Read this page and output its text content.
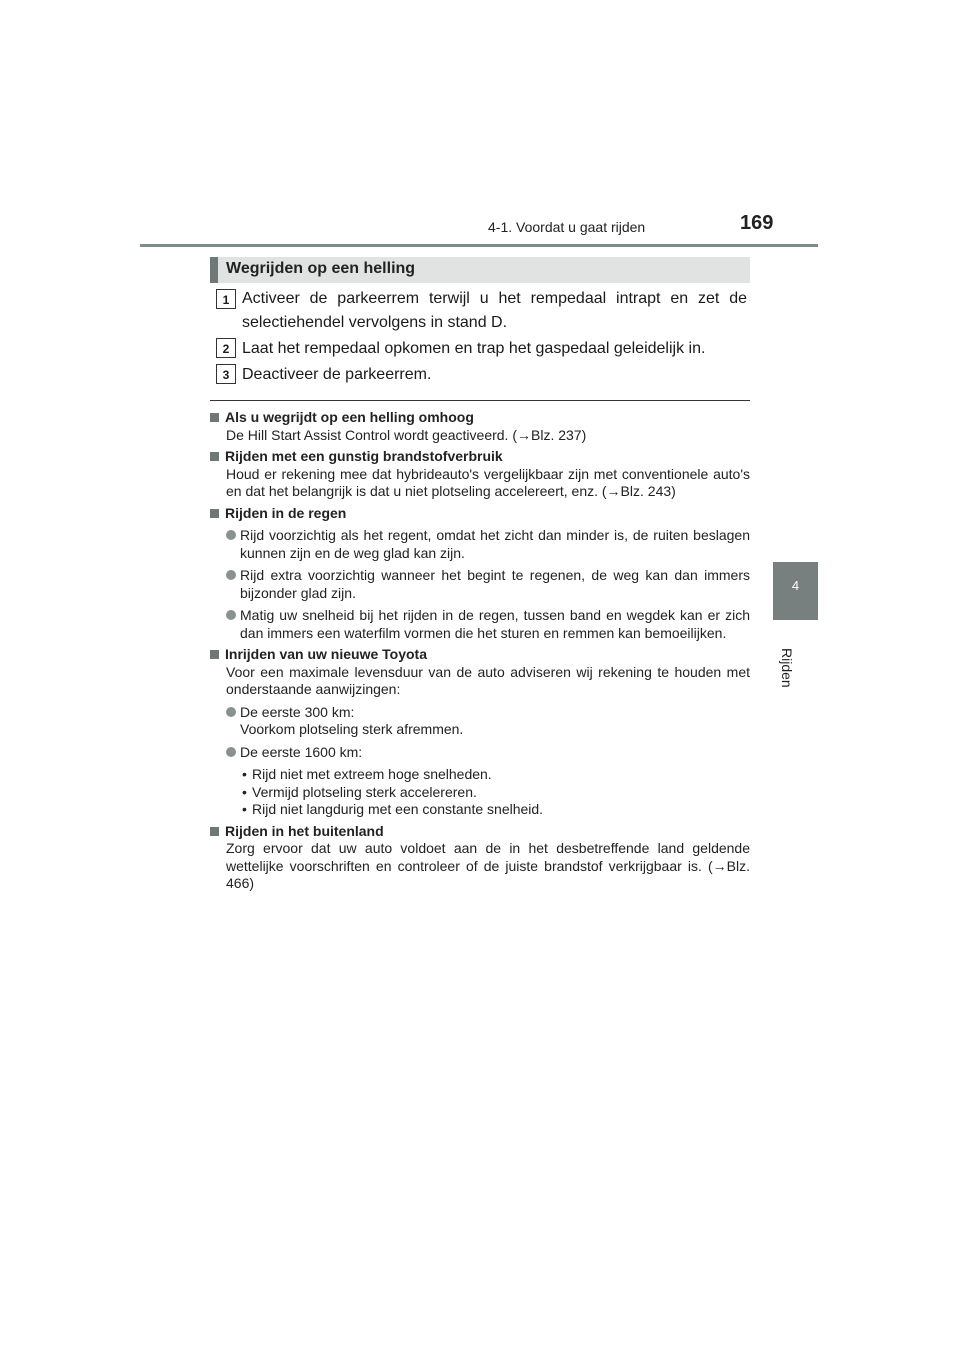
4-1. Voordat u gaat rijden	169
4
Rijden
Wegrijden op een helling
1 Activeer de parkeerrem terwijl u het rempedaal intrapt en zet de selectiehendel vervolgens in stand D.
2 Laat het rempedaal opkomen en trap het gaspedaal geleidelijk in.
3 Deactiveer de parkeerrem.
Als u wegrijdt op een helling omhoog
De Hill Start Assist Control wordt geactiveerd. (→Blz. 237)
Rijden met een gunstig brandstofverbruik
Houd er rekening mee dat hybrideauto's vergelijkbaar zijn met conventionele auto's en dat het belangrijk is dat u niet plotseling accelereert, enz. (→Blz. 243)
Rijden in de regen
Rijd voorzichtig als het regent, omdat het zicht dan minder is, de ruiten beslagen kunnen zijn en de weg glad kan zijn.
Rijd extra voorzichtig wanneer het begint te regenen, de weg kan dan immers bijzonder glad zijn.
Matig uw snelheid bij het rijden in de regen, tussen band en wegdek kan er zich dan immers een waterfilm vormen die het sturen en remmen kan bemoeilijken.
Inrijden van uw nieuwe Toyota
Voor een maximale levensduur van de auto adviseren wij rekening te houden met onderstaande aanwijzingen:
De eerste 300 km:
Voorkom plotseling sterk afremmen.
De eerste 1600 km:
• Rijd niet met extreem hoge snelheden.
• Vermijd plotseling sterk accelereren.
• Rijd niet langdurig met een constante snelheid.
Rijden in het buitenland
Zorg ervoor dat uw auto voldoet aan de in het desbetreffende land geldende wettelijke voorschriften en controleer of de juiste brandstof verkrijgbaar is. (→Blz. 466)
